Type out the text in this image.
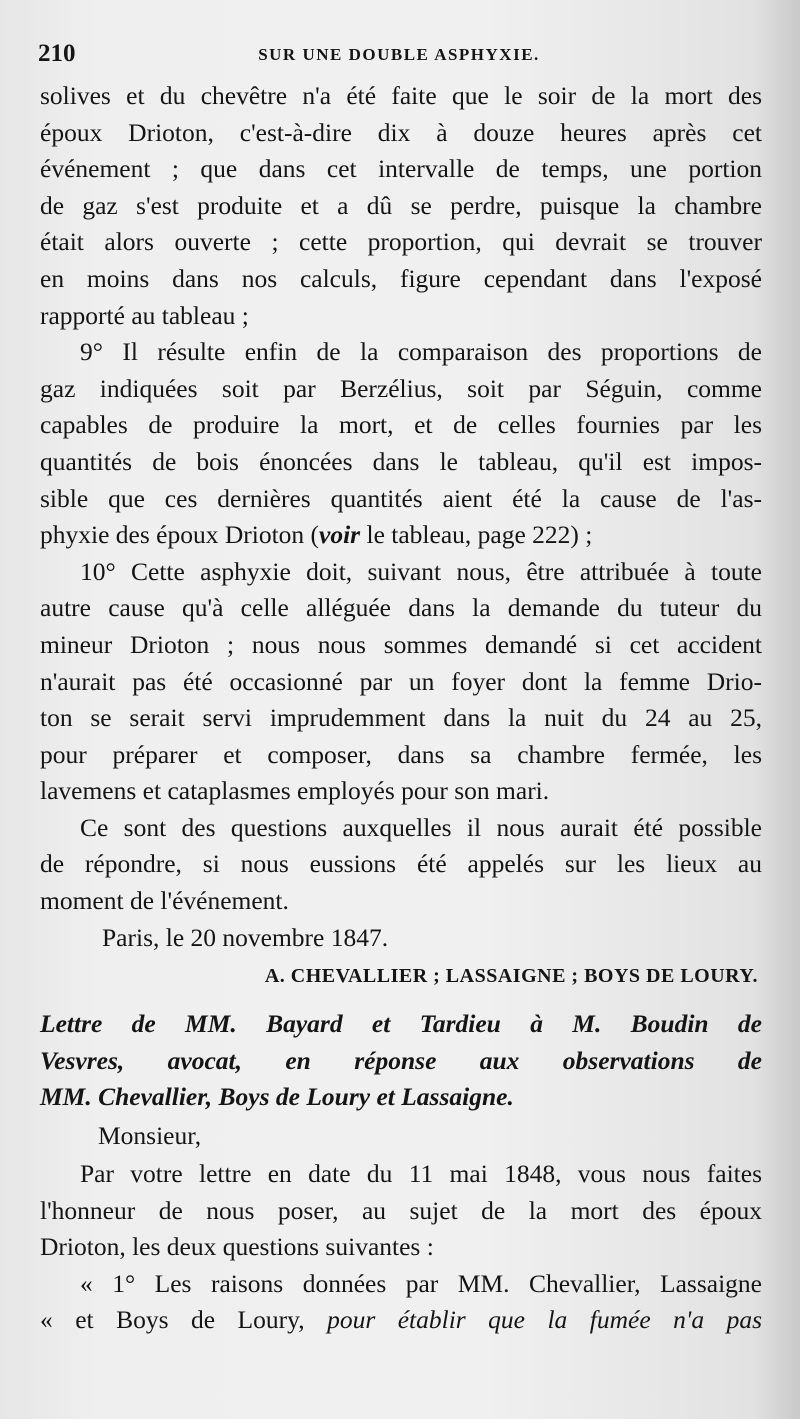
210	SUR UNE DOUBLE ASPHYXIE.
solives et du chevêtre n'a été faite que le soir de la mort des
époux Drioton, c'est-à-dire dix à douze heures après cet
événement ; que dans cet intervalle de temps, une portion
de gaz s'est produite et a dû se perdre, puisque la chambre
était alors ouverte ; cette proportion, qui devrait se trouver
en moins dans nos calculs, figure cependant dans l'exposé
rapporté au tableau ;
9° Il résulte enfin de la comparaison des proportions de
gaz indiquées soit par Berzélius, soit par Séguin, comme
capables de produire la mort, et de celles fournies par les
quantités de bois énoncées dans le tableau, qu'il est impos-
sible que ces dernières quantités aient été la cause de l'as-
phyxie des époux Drioton (voir le tableau, page 222) ;
10° Cette asphyxie doit, suivant nous, être attribuée à toute
autre cause qu'à celle alléguée dans la demande du tuteur du
mineur Drioton ; nous nous sommes demandé si cet accident
n'aurait pas été occasionné par un foyer dont la femme Drio-
ton se serait servi imprudemment dans la nuit du 24 au 25,
pour préparer et composer, dans sa chambre fermée, les
lavemens et cataplasmes employés pour son mari.
Ce sont des questions auxquelles il nous aurait été possible
de répondre, si nous eussions été appelés sur les lieux au
moment de l'événement.
Paris, le 20 novembre 1847.
A. CHEVALLIER ; LASSAIGNE ; BOYS DE LOURY.
Lettre de MM. Bayard et Tardieu à M. Boudin de
Vesvres, avocat, en réponse aux observations de
MM. Chevallier, Boys de Loury et Lassaigne.
Monsieur,
Par votre lettre en date du 11 mai 1848, vous nous faites
l'honneur de nous poser, au sujet de la mort des époux
Drioton, les deux questions suivantes :
« 1° Les raisons données par MM. Chevallier, Lassaigne
« et Boys de Loury, pour établir que la fumée n'a pas
